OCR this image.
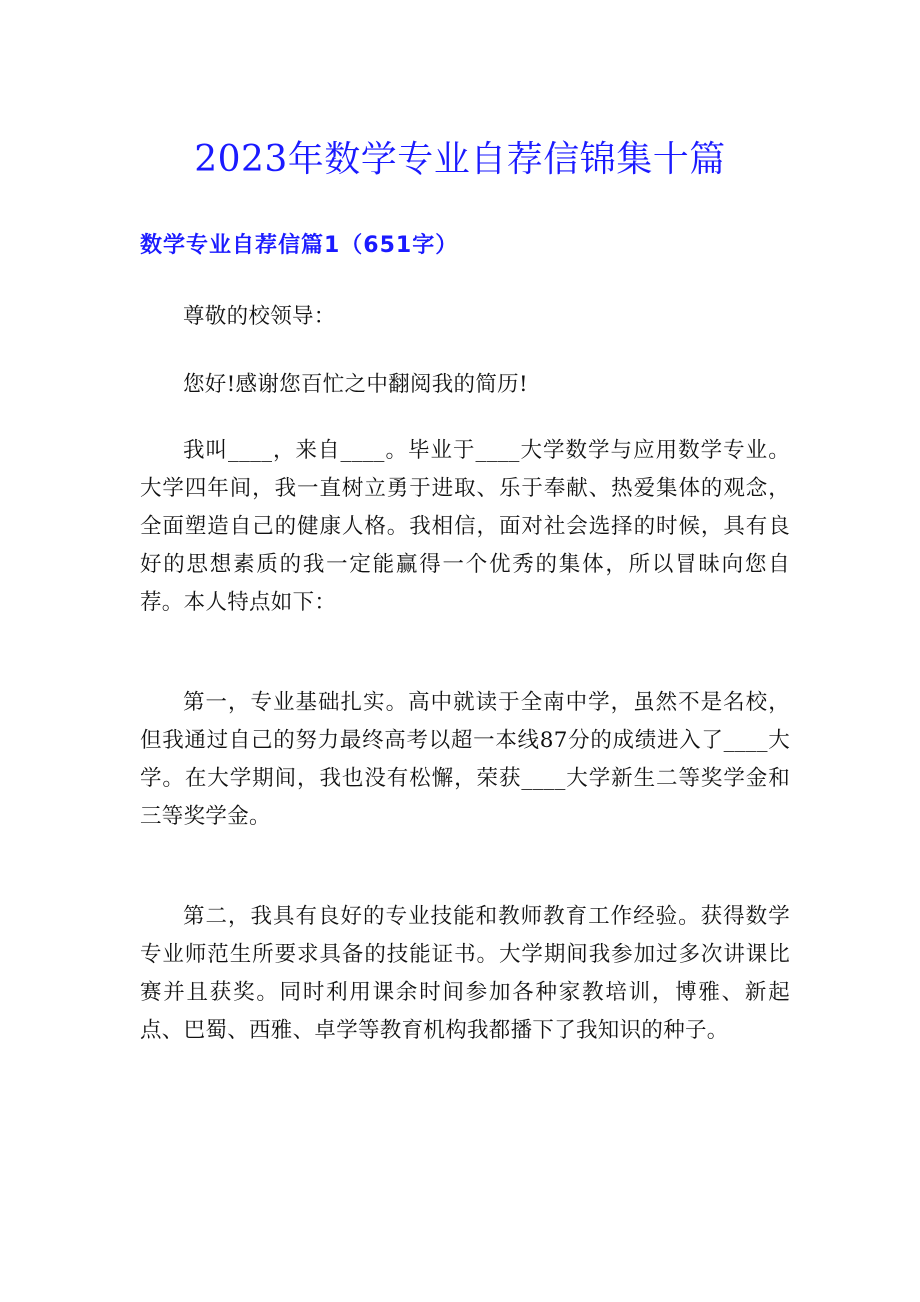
2023年数学专业自荐信锦集十篇
数学专业自荐信篇1（651字）

尊敬的校领导：

您好!感谢您百忙之中翻阅我的简历!

我叫____，来自____。毕业于____大学数学与应用数学专业。大学四年间，我一直树立勇于进取、乐于奉献、热爱集体的观念，全面塑造自己的健康人格。我相信，面对社会选择的时候，具有良好的思想素质的我一定能赢得一个优秀的集体，所以冒昧向您自荐。本人特点如下：

第一，专业基础扎实。高中就读于全南中学，虽然不是名校，但我通过自己的努力最终高考以超一本线87分的成绩进入了____大学。在大学期间，我也没有松懈，荣获____大学新生二等奖学金和三等奖学金。

第二，我具有良好的专业技能和教师教育工作经验。获得数学专业师范生所要求具备的技能证书。大学期间我参加过多次讲课比赛并且获奖。同时利用课余时间参加各种家教培训，博雅、新起点、巴蜀、西雅、卓学等教育机构我都播下了我知识的种子。
